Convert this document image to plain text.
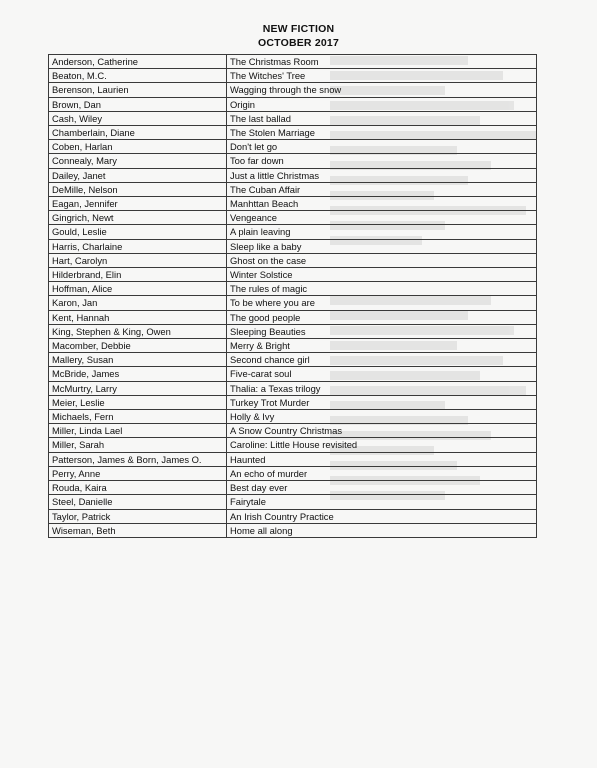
NEW FICTION
OCTOBER 2017
Anderson, Catherine	The Christmas Room
Beaton, M.C.	The Witches' Tree
Berenson, Laurien	Wagging through the snow
Brown, Dan	Origin
Cash, Wiley	The last ballad
Chamberlain, Diane	The Stolen Marriage
Coben, Harlan	Don't let go
Connealy, Mary	Too far down
Dailey, Janet	Just a little Christmas
DeMille, Nelson	The Cuban Affair
Eagan, Jennifer	Manhttan Beach
Gingrich, Newt	Vengeance
Gould, Leslie	A plain leaving
Harris, Charlaine	Sleep like a baby
Hart, Carolyn	Ghost on the case
Hilderbrand, Elin	Winter Solstice
Hoffman, Alice	The rules of magic
Karon, Jan	To be where you are
Kent, Hannah	The good people
King, Stephen & King, Owen	Sleeping Beauties
Macomber, Debbie	Merry & Bright
Mallery, Susan	Second chance girl
McBride, James	Five-carat soul
McMurtry, Larry	Thalia: a Texas trilogy
Meier, Leslie	Turkey Trot Murder
Michaels, Fern	Holly & Ivy
Miller, Linda Lael	A Snow Country Christmas
Miller, Sarah	Caroline: Little House revisited
Patterson, James & Born, James O.	Haunted
Perry, Anne	An echo of murder
Rouda, Kaira	Best day ever
Steel, Danielle	Fairytale
Taylor, Patrick	An Irish Country Practice
Wiseman, Beth	Home all along
